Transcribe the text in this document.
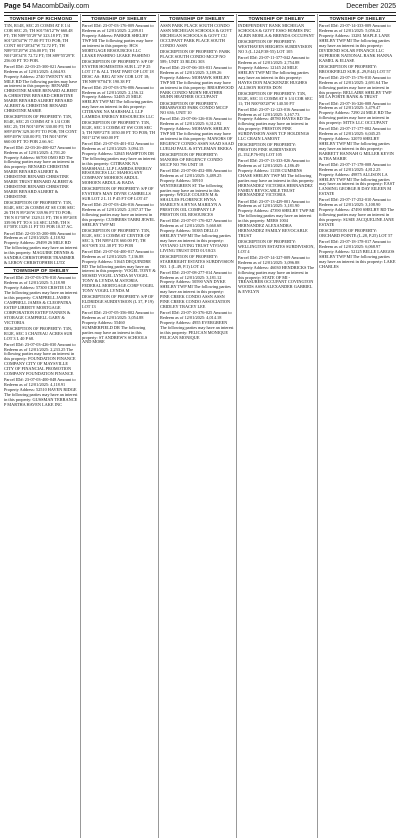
Page 54 MacombDaily.com	December 2025
TOWNSHIP OF RICHMOND

T3N, R14E, SEC 25 COMM AT E 1/4 COR SEC 25; TH S01°56'12"W 660.48 FT; TH N89°55'29"W 323.18 FT; TH S01°28'34"W 77.00 FT TO POB; TH CONT S01°28'34"W 72.72 FT; TH N89°55'29"W 256.00 FT; TH N01°28'34"E 72.72 FT; TH S89°55'29"E 256.00 FT TO POB.

Parcel ID#: 22-03-25-300-021 Amount to Redeem as of 12/01/2025: 4,664.93 Property Address: 2740 TWENTY SIX MILE RD The following parties may have an interest in this property: BENARD CHRISTINE MARIE BENARD ALBERT & CHRISTINE BENARD CHRISTINE MARIE BENARD ALBERT BENARD ALBERT & CHRISTINE BENARD CHRISTINE MARIE

DESCRIPTION OF PROPERTY: T3N, R14E, SEC 25 COMM AT S 1/4 COR SEC 25; TH N01°49'W 330.00 FT; TH S89°49'W 329.30 FT TO POB; TH CONT S89°49'W 330.00 FT; TH N01°49'W 660.00 FT TO POB 2.66 AC

Parcel ID#: 22-03-26-400-027 Amount to Redeem as of 12/01/2025: 4,701.20 Property Address: 66700 OMO RD The following parties may have an interest in this property: BENARD CHRISTINE MARIE BENARD ALBERT & CHRISTINE BENARD CHRISTINE MARIE TRUST BENARD ALBERT & CHRISTINE BENARD CHRISTINE MARIE BENARD ALBERT & CHRISTINE

DESCRIPTION OF PROPERTY: T3N, R14E, SEC 26 COMM AT SE COR SEC 26 TH N 89°26'W 339.96 FT TO POB; TH N 01°58'W 1329.11 FT; TH S 89°26'E 339.96 FT TO S 1/4 SEC LINE; TH S 01°58'E 1329.11 FT TO POB 10.37 AC.

Parcel ID#: 22-03-35-200-006 Amount to Redeem as of 12/01/2025: 4,118.92 Property Address: 29499 26 MILE RD The following parties may have an interest in this property: MAGUIRE DENNIS & SANDRA CHRISTOPHER TRAMMER & LEROY CHRISTOPHER LUTZ

TOWNSHIP OF SHELBY

Parcel ID#: 23-07-03-376-010 Amount to Redeem as of 12/01/2025: 5,118.98 Property Address: 57300 CRISTIE LN The following parties may have an interest in this property: CAMPBELL JAMES CAMPBELL JAMES & CLEOPATRA ESTEP LIBERTY MORTGAGE CORPORATION ESTEP TANNEN & STORAGE CAMPBELL GARY & VICTORIA

DESCRIPTION OF PROPERTY: T3N, R12E, SEC 3 CHATEAU ACRES SUB LOT 3 L 40 P 68.

Parcel ID#: 23-07-03-426-030 Amount to Redeem as of 12/01/2025: 2,233.25 The following parties may have an interest in this property: FOUNDATION FINANCE COMPANY CITY OF MAYSVILLE CITY OF FINANCIAL PROMOTION COMPANY FOUNDATION FINANCE

Parcel ID#: 23-07-03-400-048 Amount to Redeem as of 12/01/2025: 4,118.91 Property Address: 52510 HAVEN RIDGE The following parties may have an interest in this property: GUSSMAN TERRANCE P MARTHA HAVEN LAKE INC

TOWNSHIP OF SHELBY

Parcel ID#: 23-07-03-176-009 Amount to Redeem as of 12/01/2025: 2,209.01 Property Address: PARKER SHELBY TWP MI The following parties may have an interest in this property: HCS MORTGAGE RESOURCES LLC LEAKE PASHINO LEAKE PASHINO

DESCRIPTION OF PROPERTY: S/P OF EYSTER HOMESITES SUB L 27 P 25 LOT 17 & ALL THAT PART OF LOT 18 DESC AS: BEG AT SW COR LOT 18; TH N89°07'04"E 190.38 FT

Parcel ID#: 23-07-03-376-006 Amount to Redeem as of 12/01/2025: 2,156.12 Property Address: 52485 25 MILE SHELBY TWP MI The following parties may have an interest in this property: CITIBANK NA MARSHALL LLP LAMBDA ENERGY RESOURCES LLC

DESCRIPTION OF PROPERTY: T3N, R12E, SEC 3 COMM AT SW COR SEC 3; TH N89°27'E 1050.00 FT TO POB; TH N01°12'W 660.00 FT

Parcel ID#: 23-07-03-401-012 Amount to Redeem as of 12/01/2025: 3,094.15 Property Address: 52845 HAMPTON DR The following parties may have an interest in this property: CITIBANK NA MARSHALL LLP LAMBDA ENERGY RESOURCES LLC MAHOGANY COMPANY MOHOEN ABDUL MOHOEN ABDUL & BADA

DESCRIPTION OF PROPERTY: S/P OF EYSTER'S MAN DIVNE CAMBELLS SUB LOT 2 L 11 P 45 FT OF LOT 47

Parcel ID#: 23-07-03-426-016 Amount to Redeem as of 12/01/2025: 2,937.37 The following parties may have an interest in this property: CUMBERS TABBI JEWEL SHELBY TWP MI

DESCRIPTION OF PROPERTY: T3N, R12E, SEC 3 COMM AT CENTER OF SEC 3; TH N89°41'E 660.00 FT; TH S01°08'E 331.38 FT TO POB

Parcel ID#: 23-07-04-400-017 Amount to Redeem as of 12/01/2025: 7,136.88 Property Address: 51645 DEQUINDRE RD The following parties may have an interest in this property: VOGEL TONY & MOSED VOGEL LYNDA M VOGEL TONY & LYNDA M ASTORIA FEDERAL MORTGAGE CORP VOGEL TONY VOGEL LYNDA M

DESCRIPTION OF PROPERTY: S/P OF ELDRIDGE SUBDIVISION (L 37, P 19) LOT 13

Parcel ID#: 23-07-05-356-002 Amount to Redeem as of 12/01/2025: 3,054.88 Property Address: 55460 SUMMERFIELD DR The following parties may have an interest in this property: ST ANDREW'S SCHOOLS AND MORE

TOWNSHIP OF SHELBY

ASSN PARK PLACE SOUTH CONDO ASSN MICHIGAN SCHOOLS & GOVT MICHIGAN SCHOOLS & GOVT CU OCCUPANT PARK PLACE SOUTH CONDO ASSN

DESCRIPTION OF PROPERTY: PARK PLACE SOUTH CONDO MCCP NO 589; UNIT 33 BLDG 303

Parcel ID#: 23-07-06-103-031 Amount to Redeem as of 12/01/2025: 3,189.26 Property Address: MOHAWK SHELBY TWP MI The following parties may have an interest in this property: BRIARWOOD PARK CONDO MUHN HEATHER MUHN HEATHER OCCUPANT

DESCRIPTION OF PROPERTY: BRIARWOOD PARK CONDO MCCP NO 636; UNIT 10

Parcel ID#: 23-07-06-126-016 Amount to Redeem as of 12/01/2025: 6,312.92 Property Address: MOHAWK SHELBY TWP MI The following parties may have an interest in this property: MANORS OF REGENCY CONDO ASSN SAAD SAAD LUELHJ PAUL & STYLEMAN EKEKA

DESCRIPTION OF PROPERTY: MANORS OF REGENCY CONDO MCCP NO 796 UNIT 18

Parcel ID#: 23-07-06-452-006 Amount to Redeem as of 12/01/2025: 3,489.25 Property Address: 50910 WINTERGREEN ST The following parties may have an interest in this property: WIGLE COLEEN M & SHAULES FLORENCE HYNA MARILYN A HYNA MARILYN A PRESTON OIL COMPANY LP PRESTON OIL RESOURCES

Parcel ID#: 23-07-07-176-027 Amount to Redeem as of 12/01/2025: 5,660.68 Property Address: 50385 DELLO SHELBY TWP MI The following parties may have an interest in this property: VIVIANO LIVING TRUST VIVIANO LIVING TRUST DTD 01/18/23

DESCRIPTION OF PROPERTY: STARBRIGHT ESTATES SUBDIVISION NO. 1 (L.49, P.1) LOT 41

Parcel ID#: 23-07-08-277-014 Amount to Redeem as of 12/01/2025: 3,181.12 Property Address: 50590 VAN DYKE SHELBY TWP MI The following parties may have an interest in this property: PINE CREEK CONDO ASSN ASSN PINE CREEK CONDO ASSOCIATION CRIDLEY TRACEY LEE

Parcel ID#: 23-07-10-376-025 Amount to Redeem as of 12/01/2025: 4,014.18 Property Address: 4955 EVERGREEN The following parties may have an interest in this property: PELICAN MONIQUE PELICAN MONIQUE

TOWNSHIP OF SHELBY

INDEPENDENT BANK MICHIGAN SCHOOLS & GOVT ESSO HOMES INC ALBIN MORLA & BRENDA OCCUPANT

DESCRIPTION OF PROPERTY: WESTHAVEN HEIGHTS SUBDIVISION NO 3 (L.124,P.38-55) LOT 105

Parcel ID#: 23-07-11-377-042 Amount to Redeem as of 12/01/2025: 2,754.88 Property Address: 12145 24 MILE SHELBY TWP MI The following parties may have an interest in this property: HAYES DON MACKENZIE HUGHES ALLISON HAYES DON

DESCRIPTION OF PROPERTY: T3N, R12E, SEC 11 COMM AT S 1/4 COR SEC 11; TH N00°00'28"W 140.50 FT

Parcel ID#: 23-07-12-123-016 Amount to Redeem as of 12/01/2025: 3,167.73 Property Address: 48780 HAYES RD The following parties may have an interest in this property: PRESTON PINE SUBDIVISION ASSN TCF HOLDINGS LLC CRAIN LAMONT

DESCRIPTION OF PROPERTY: PRESTON PINE SUBDIVISION (L.152,P.76-85) LOT 105

Parcel ID#: 23-07-13-333-026 Amount to Redeem as of 12/01/2025: 4,186.49 Property Address: 11158 CUMMINS CHASE SHELBY TWP MI The following parties may have an interest in this property: HERNANDEZ VICTORIA HERNANDEZ FAMILY REVOCABLE TRUST HERNANDEZ VICTORIA

Parcel ID#: 23-07-13-429-001 Amount to Redeem as of 12/01/2025: 3,181.90 Property Address: 47390 SHELBY TWP MI The following parties may have an interest in this property: MERS 1004 HERNANDEZ ALEXANDRA HERNANDEZ FAMILY REVOCABLE TRUST

DESCRIPTION OF PROPERTY: WELLINGTON ESTATES SUBDIVISION, LOT 4

Parcel ID#: 23-07-14-327-009 Amount to Redeem as of 12/01/2025: 3,096.88 Property Address: 46030 HENDRICKS The following parties may have an interest in this property: STATE OF MI - TREASURER OCCUPANT COVINGTON WOODS ASSN ALEXANDER GABRIEL & EVELYN

TOWNSHIP OF SHELBY

Parcel ID#: 23-07-14-333-009 Amount to Redeem as of 12/01/2025: 5,056.22 Property Address: 13281 MAPLE LANE SHELBY TWP MI The following parties may have an interest in this property: DIVIDEND SOLAR FINANCE LLC SUPERIOR NATIONAL BANK HANNA KAMEL & ELIASE

DESCRIPTION OF PROPERTY: BROOKFIELD SUB (L.29,P.44) LOT 57

Parcel ID#: 23-07-15-176-010 Amount to Redeem as of 12/01/2025: 2,691.64 The following parties may have an interest in this property: BELLAIRE SHELBY TWP MI LA PORTE BANK & TRUST

Parcel ID#: 23-07-16-326-008 Amount to Redeem as of 12/01/2025: 3,479.47 Property Address: 7290 24 MILE RD The following parties may have an interest in this property: MTTS LLC OCCUPANT

Parcel ID#: 23-07-17-177-002 Amount to Redeem as of 12/01/2025: 6,045.25 Property Address: 32070 SHELBY SHELBY TWP MI The following parties may have an interest in this property: BARRETT HANNAH G MILLER KEVIN & TRA MARIE

Parcel ID#: 23-07-17-178-008 Amount to Redeem as of 12/01/2025: 4,812.25 Property Address: 49875 ALLISON LA SHELBY TWP MI The following parties may have an interest in this property: EAST LANSING GEORGE B DAY EILEEN M ESTATE

Parcel ID#: 23-07-17-252-010 Amount to Redeem as of 12/01/2025: 3,108.90 Property Address: 47490 SHELBY RD The following parties may have an interest in this property: SUSIE JACQUELINE JANE ESTATE

DESCRIPTION OF PROPERTY: ORCHARD POINTE (L.28, P.25) LOT 57

Parcel ID#: 23-07-18-178-017 Amount to Redeem as of 12/01/2025: 6,068.97 Property Address: 52125 BELLE LARGOS SHELBY TWP MI The following parties may have an interest in this property: LAKE CHARLES
